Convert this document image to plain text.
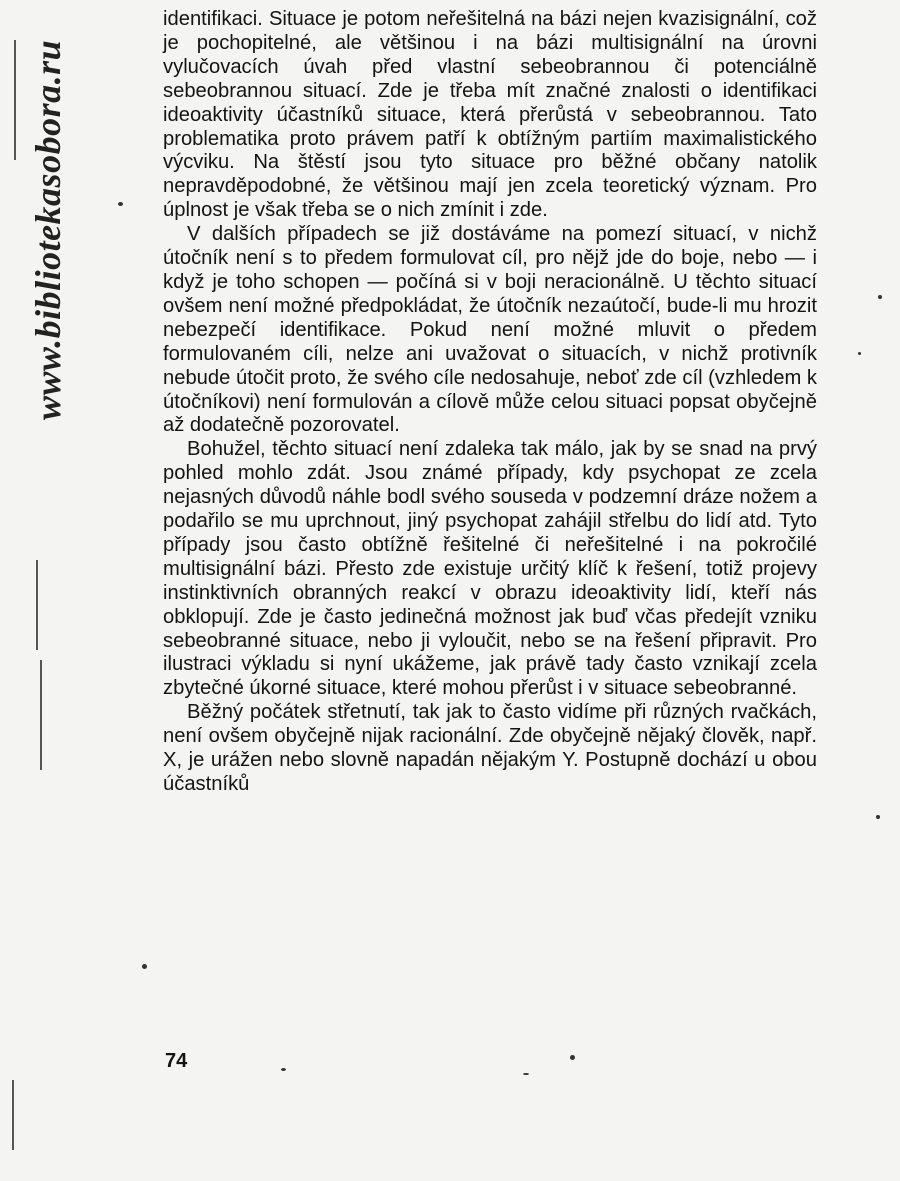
www.bibliotekasobora.ru

identifikaci. Situace je potom neřešitelná na bázi nejen kvazisignální, což je pochopitelné, ale většinou i na bázi multisignální na úrovni vylučovacích úvah před vlastní sebeobrannou či potenciálně sebeobrannou situací. Zde je třeba mít značné znalosti o identifikaci ideoaktivity účastníků situace, která přerůstá v sebeobrannou. Tato problematika proto právem patří k obtížným partiím maximalistického výcviku. Na štěstí jsou tyto situace pro běžné občany natolik nepravděpodobné, že většinou mají jen zcela teoretický význam. Pro úplnost je však třeba se o nich zmínit i zde.

V dalších případech se již dostáváme na pomezí situací, v nichž útočník není s to předem formulovat cíl, pro nějž jde do boje, nebo — i když je toho schopen — počíná si v boji neracionálně. U těchto situací ovšem není možné předpokládat, že útočník nezaútočí, bude-li mu hrozit nebezpečí identifikace. Pokud není možné mluvit o předem formulovaném cíli, nelze ani uvažovat o situacích, v nichž protivník nebude útočit proto, že svého cíle nedosahuje, neboť zde cíl (vzhledem k útočníkovi) není formulován a cílově může celou situaci popsat obyčejně až dodatečně pozorovatel.

Bohužel, těchto situací není zdaleka tak málo, jak by se snad na prvý pohled mohlo zdát. Jsou známé případy, kdy psychopat ze zcela nejasných důvodů náhle bodl svého souseda v podzemní dráze nožem a podařilo se mu uprchnout, jiný psychopat zahájil střelbu do lidí atd. Tyto případy jsou často obtížně řešitelné či neřešitelné i na pokročilé multisignální bázi. Přesto zde existuje určitý klíč k řešení, totiž projevy instinktivních obranných reakcí v obrazu ideoaktivity lidí, kteří nás obklopují. Zde je často jedinečná možnost jak buď včas předejít vzniku sebeobranné situace, nebo ji vyloučit, nebo se na řešení připravit. Pro ilustraci výkladu si nyní ukážeme, jak právě tady často vznikají zcela zbytečné úkorné situace, které mohou přerůst i v situace sebeobranné.

Běžný počátek střetnutí, tak jak to často vidíme při různých rvačkách, není ovšem obyčejně nijak racionální. Zde obyčejně nějaký člověk, např. X, je urážen nebo slovně napadán nějakým Y. Postupně dochází u obou účastníků

74
